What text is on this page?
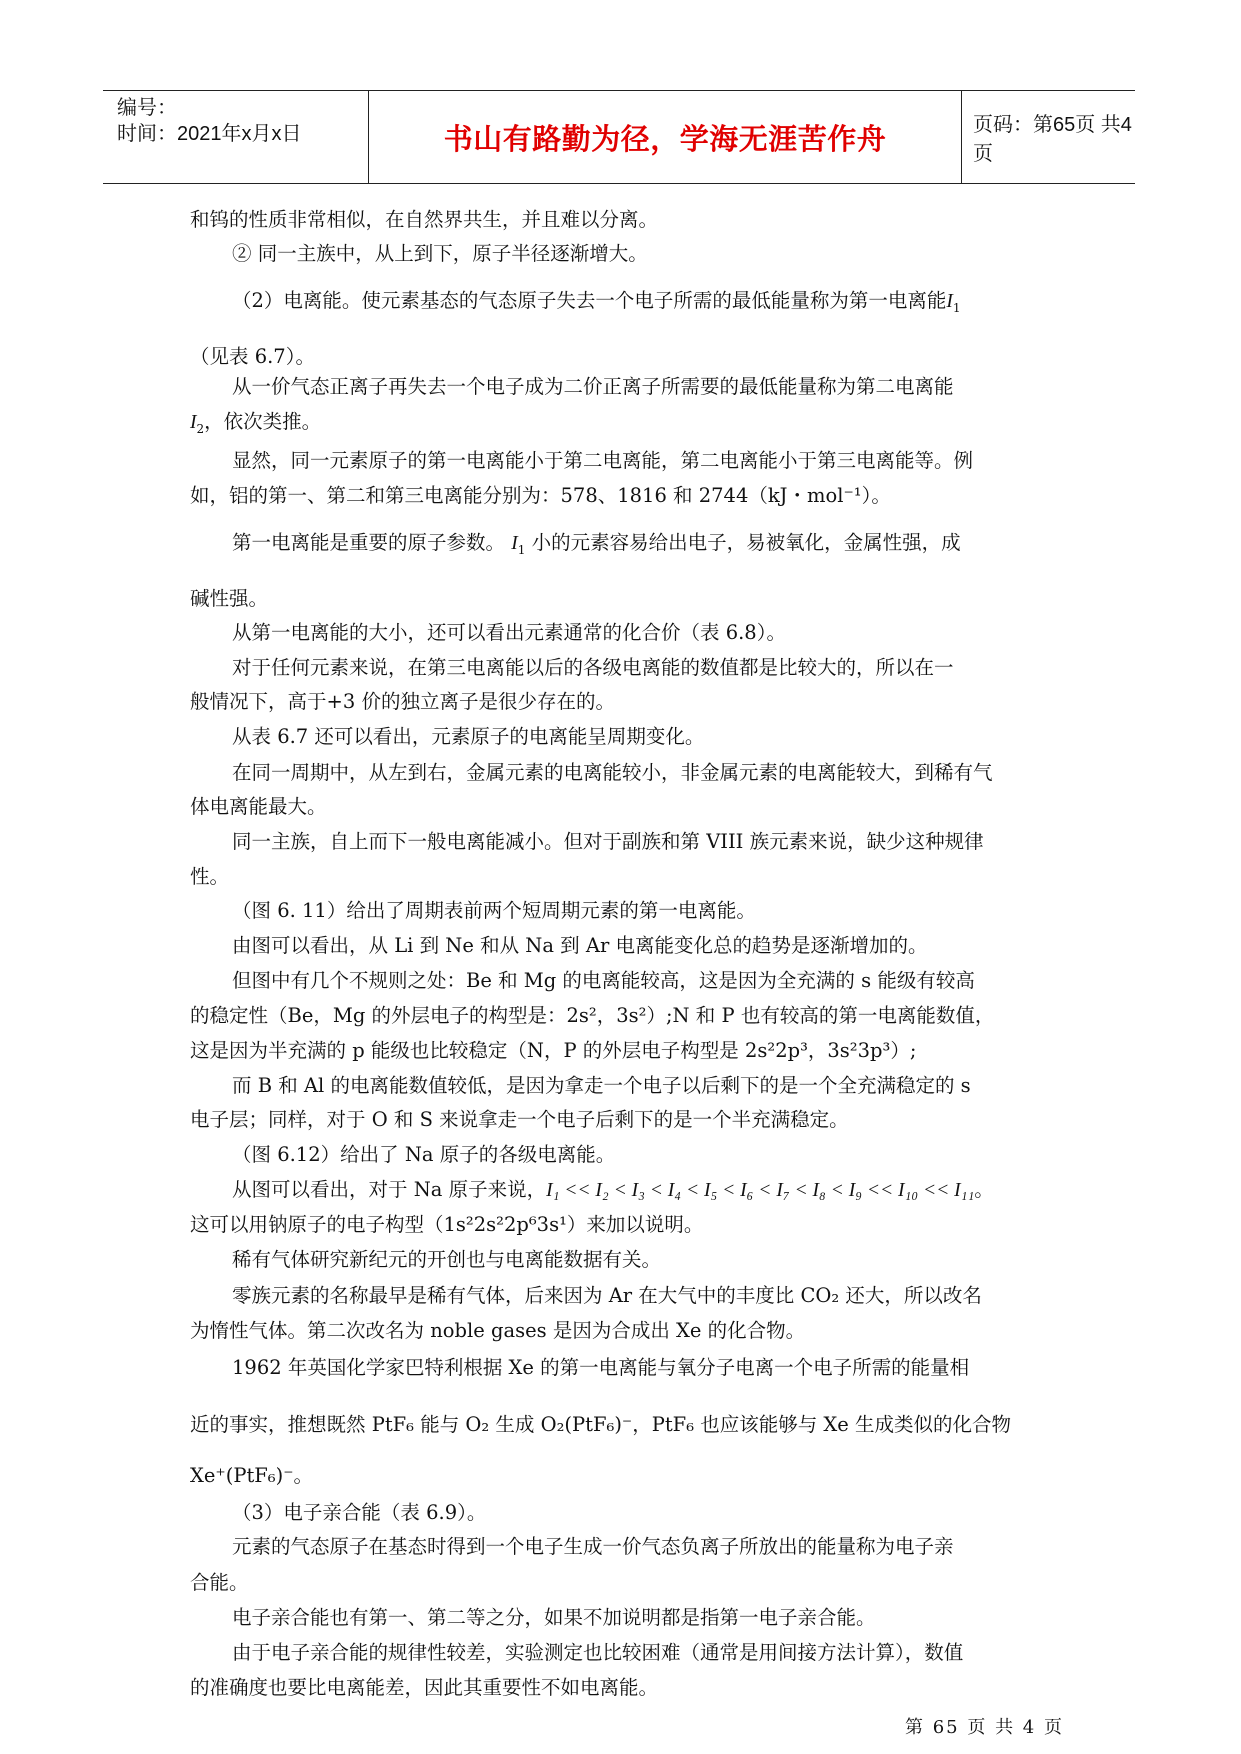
编号：
时间：2021年x月x日	书山有路勤为径，学海无涯苦作舟	页码：第65页 共4页
和钨的性质非常相似，在自然界共生，并且难以分离。
② 同一主族中，从上到下，原子半径逐渐增大。
（2）电离能。使元素基态的气态原子失去一个电子所需的最低能量称为第一电离能$I_1$
（见表 6.7）。
从一价气态正离子再失去一个电子成为二价正离子所需要的最低能量称为第二电离能
$I_2$，依次类推。
显然，同一元素原子的第一电离能小于第二电离能，第二电离能小于第三电离能等。例
如，铝的第一、第二和第三电离能分别为：578、1816 和 2744（kJ・mol⁻¹）。
第一电离能是重要的原子参数。 $I_1$ 小的元素容易给出电子，易被氧化，金属性强，成
碱性强。
从第一电离能的大小，还可以看出元素通常的化合价（表 6.8）。
对于任何元素来说，在第三电离能以后的各级电离能的数值都是比较大的，所以在一
般情况下，高于+3 价的独立离子是很少存在的。
从表 6.7 还可以看出，元素原子的电离能呈周期变化。
在同一周期中，从左到右，金属元素的电离能较小，非金属元素的电离能较大，到稀有气
体电离能最大。
同一主族，自上而下一般电离能减小。但对于副族和第 VIII 族元素来说，缺少这种规律
性。
（图 6. 11）给出了周期表前两个短周期元素的第一电离能。
由图可以看出，从 Li 到 Ne 和从 Na 到 Ar 电离能变化总的趋势是逐渐增加的。
但图中有几个不规则之处：Be 和 Mg 的电离能较高，这是因为全充满的 s 能级有较高
的稳定性（Be，Mg 的外层电子的构型是：2s²，3s²）;N 和 P 也有较高的第一电离能数值，
这是因为半充满的 p 能级也比较稳定（N，P 的外层电子构型是 2s²2p³，3s²3p³）;
而 B 和 Al 的电离能数值较低，是因为拿走一个电子以后剩下的是一个全充满稳定的 s
电子层；同样，对于 O 和 S 来说拿走一个电子后剩下的是一个半充满稳定。
（图 6.12）给出了 Na 原子的各级电离能。
从图可以看出，对于 Na 原子来说，I₁ << I₂ < I₃ < I₄ < I₅ < I₆ < I₇ < I₈ < I₉ << I₁₀ << I₁₁。
这可以用钠原子的电子构型（1s²2s²2p⁶3s¹）来加以说明。
稀有气体研究新纪元的开创也与电离能数据有关。
零族元素的名称最早是稀有气体，后来因为 Ar 在大气中的丰度比 CO₂ 还大，所以改名
为惰性气体。第二次改名为 noble gases 是因为合成出 Xe 的化合物。
1962 年英国化学家巴特利根据 Xe 的第一电离能与氧分子电离一个电子所需的能量相
近的事实，推想既然 PtF₆ 能与 O₂ 生成 O₂(PtF₆)⁻，PtF₆ 也应该能够与 Xe 生成类似的化合物
Xe⁺(PtF₆)⁻。
（3）电子亲合能（表 6.9）。
元素的气态原子在基态时得到一个电子生成一价气态负离子所放出的能量称为电子亲
合能。
电子亲合能也有第一、第二等之分，如果不加说明都是指第一电子亲合能。
由于电子亲合能的规律性较差，实验测定也比较困难（通常是用间接方法计算），数值
的准确度也要比电离能差，因此其重要性不如电离能。
第 65 页 共 4 页
